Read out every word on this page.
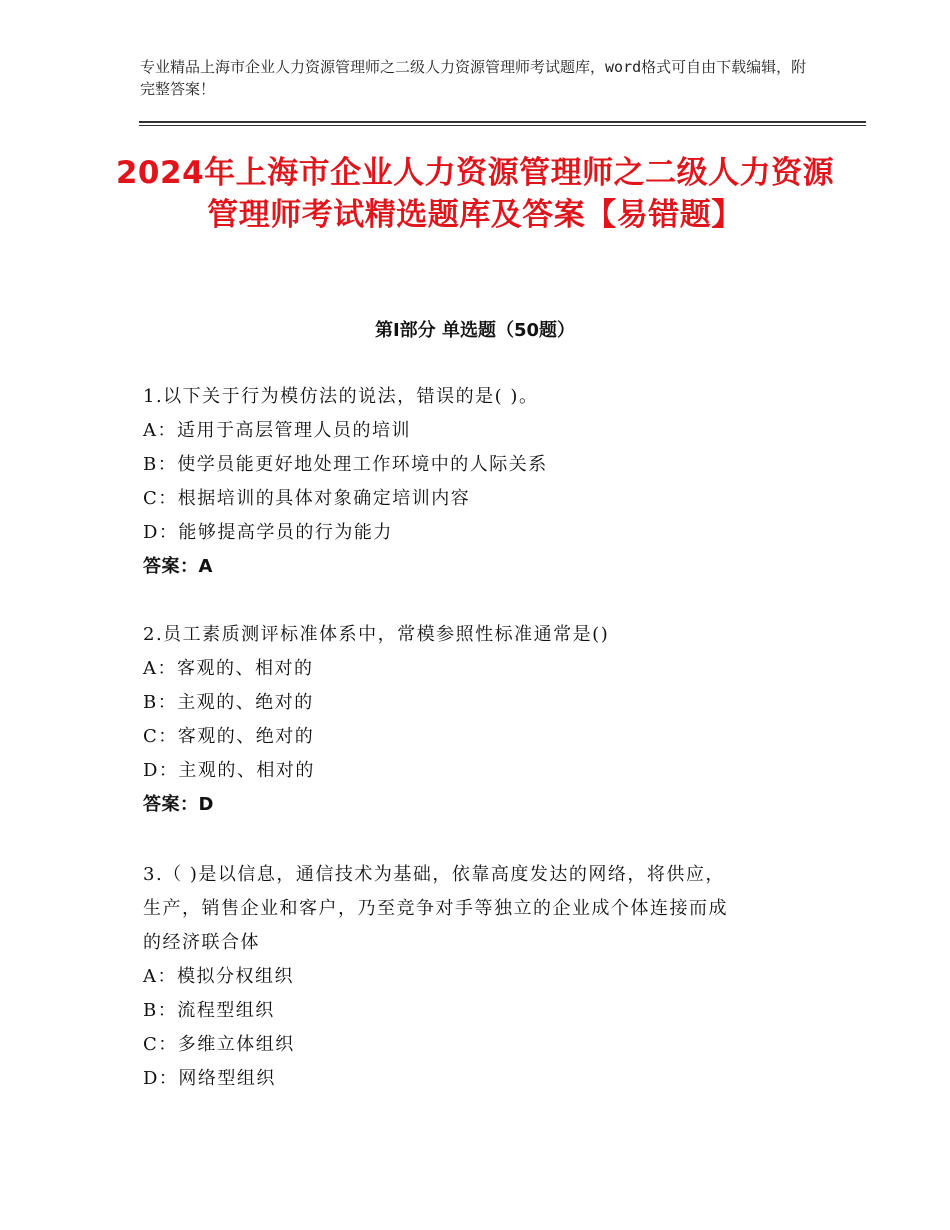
专业精品上海市企业人力资源管理师之二级人力资源管理师考试题库，word格式可自由下载编辑，附完整答案！
2024年上海市企业人力资源管理师之二级人力资源管理师考试精选题库及答案【易错题】
第Ⅰ部分 单选题（50题）
1.以下关于行为模仿法的说法，错误的是( )。
A：适用于高层管理人员的培训
B：使学员能更好地处理工作环境中的人际关系
C：根据培训的具体对象确定培训内容
D：能够提高学员的行为能力
答案：A
2.员工素质测评标准体系中，常模参照性标准通常是()
A：客观的、相对的
B：主观的、绝对的
C：客观的、绝对的
D：主观的、相对的
答案：D
3.（ )是以信息，通信技术为基础，依靠高度发达的网络，将供应，
生产，销售企业和客户，乃至竞争对手等独立的企业成个体连接而成
的经济联合体
A：模拟分权组织
B：流程型组织
C：多维立体组织
D：网络型组织
